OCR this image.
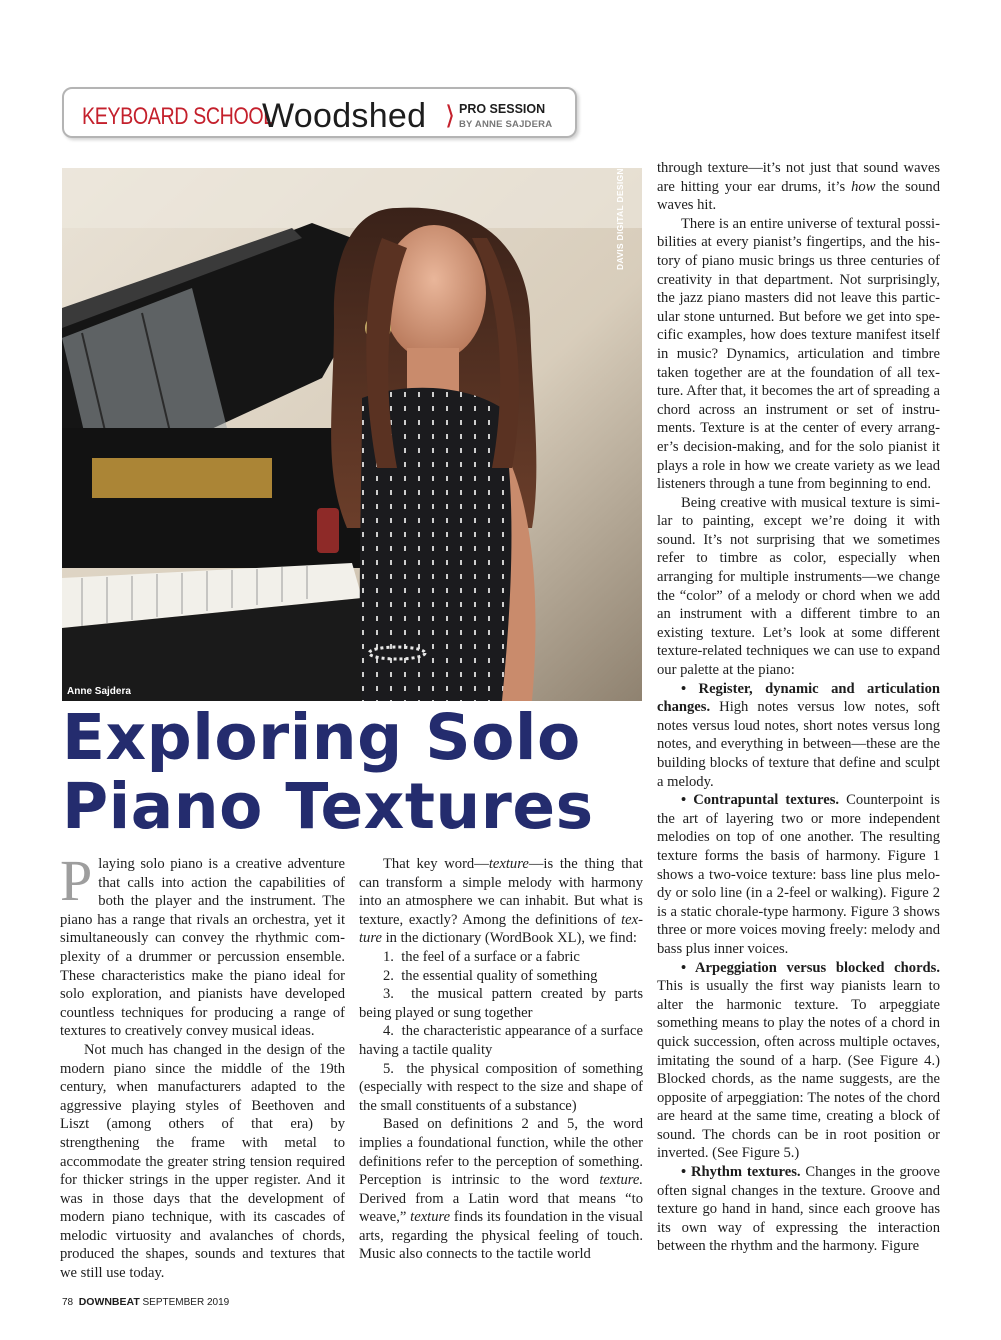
KEYBOARD SCHOOL
Woodshed ⟩ PRO SESSION
BY ANNE SAJDERA
DAVIS DIGITAL DESIGN
Anne Sajdera
Exploring Solo
Piano Textures

Playing solo piano is a creative adventure that calls into action the capabilities of both the player and the instrument. The piano has a range that rivals an orchestra, yet it simultaneously can convey the rhythmic complexity of a drummer or percussion ensemble. These characteristics make the piano ideal for solo exploration, and pianists have developed countless techniques for producing a range of textures to creatively convey musical ideas.

Not much has changed in the design of the modern piano since the middle of the 19th century, when manufacturers adapted to the aggressive playing styles of Beethoven and Liszt (among others of that era) by strengthening the frame with metal to accommodate the greater string tension required for thicker strings in the upper register. And it was in those days that the development of modern piano technique, with its cascades of melodic virtuosity and avalanches of chords, produced the shapes, sounds and textures that we still use today.

That key word—texture—is the thing that can transform a simple melody with harmony into an atmosphere we can inhabit. But what is texture, exactly? Among the definitions of texture in the dictionary (WordBook XL), we find:

1.  the feel of a surface or a fabric
2.  the essential quality of something
3.  the musical pattern created by parts being played or sung together
4.  the characteristic appearance of a surface having a tactile quality
5.  the physical composition of something (especially with respect to the size and shape of the small constituents of a substance)

Based on definitions 2 and 5, the word implies a foundational function, while the other definitions refer to the perception of something. Perception is intrinsic to the word texture. Derived from a Latin word that means “to weave,” texture finds its foundation in the visual arts, regarding the physical feeling of touch. Music also connects to the tactile world

through texture—it’s not just that sound waves are hitting your ear drums, it’s how the sound waves hit.

There is an entire universe of textural possibilities at every pianist’s fingertips, and the history of piano music brings us three centuries of creativity in that department. Not surprisingly, the jazz piano masters did not leave this particular stone unturned. But before we get into specific examples, how does texture manifest itself in music? Dynamics, articulation and timbre taken together are at the foundation of all texture. After that, it becomes the art of spreading a chord across an instrument or set of instruments. Texture is at the center of every arranger’s decision-making, and for the solo pianist it plays a role in how we create variety as we lead listeners through a tune from beginning to end.

Being creative with musical texture is similar to painting, except we’re doing it with sound. It’s not surprising that we sometimes refer to timbre as color, especially when arranging for multiple instruments—we change the “color” of a melody or chord when we add an instrument with a different timbre to an existing texture. Let’s look at some different texture-related techniques we can use to expand our palette at the piano:

• Register, dynamic and articulation changes. High notes versus low notes, soft notes versus loud notes, short notes versus long notes, and everything in between—these are the building blocks of texture that define and sculpt a melody.

• Contrapuntal textures. Counterpoint is the art of layering two or more independent melodies on top of one another. The resulting texture forms the basis of harmony. Figure 1 shows a two-voice texture: bass line plus melody or solo line (in a 2-feel or walking). Figure 2 is a static chorale-type harmony. Figure 3 shows three or more voices moving freely: melody and bass plus inner voices.

• Arpeggiation versus blocked chords. This is usually the first way pianists learn to alter the harmonic texture. To arpeggiate something means to play the notes of a chord in quick succession, often across multiple octaves, imitating the sound of a harp. (See Figure 4.) Blocked chords, as the name suggests, are the opposite of arpeggiation: The notes of the chord are heard at the same time, creating a block of sound. The chords can be in root position or inverted. (See Figure 5.)

• Rhythm textures. Changes in the groove often signal changes in the texture. Groove and texture go hand in hand, since each groove has its own way of expressing the interaction between the rhythm and the harmony. Figure

78 DOWNBEAT SEPTEMBER 2019
